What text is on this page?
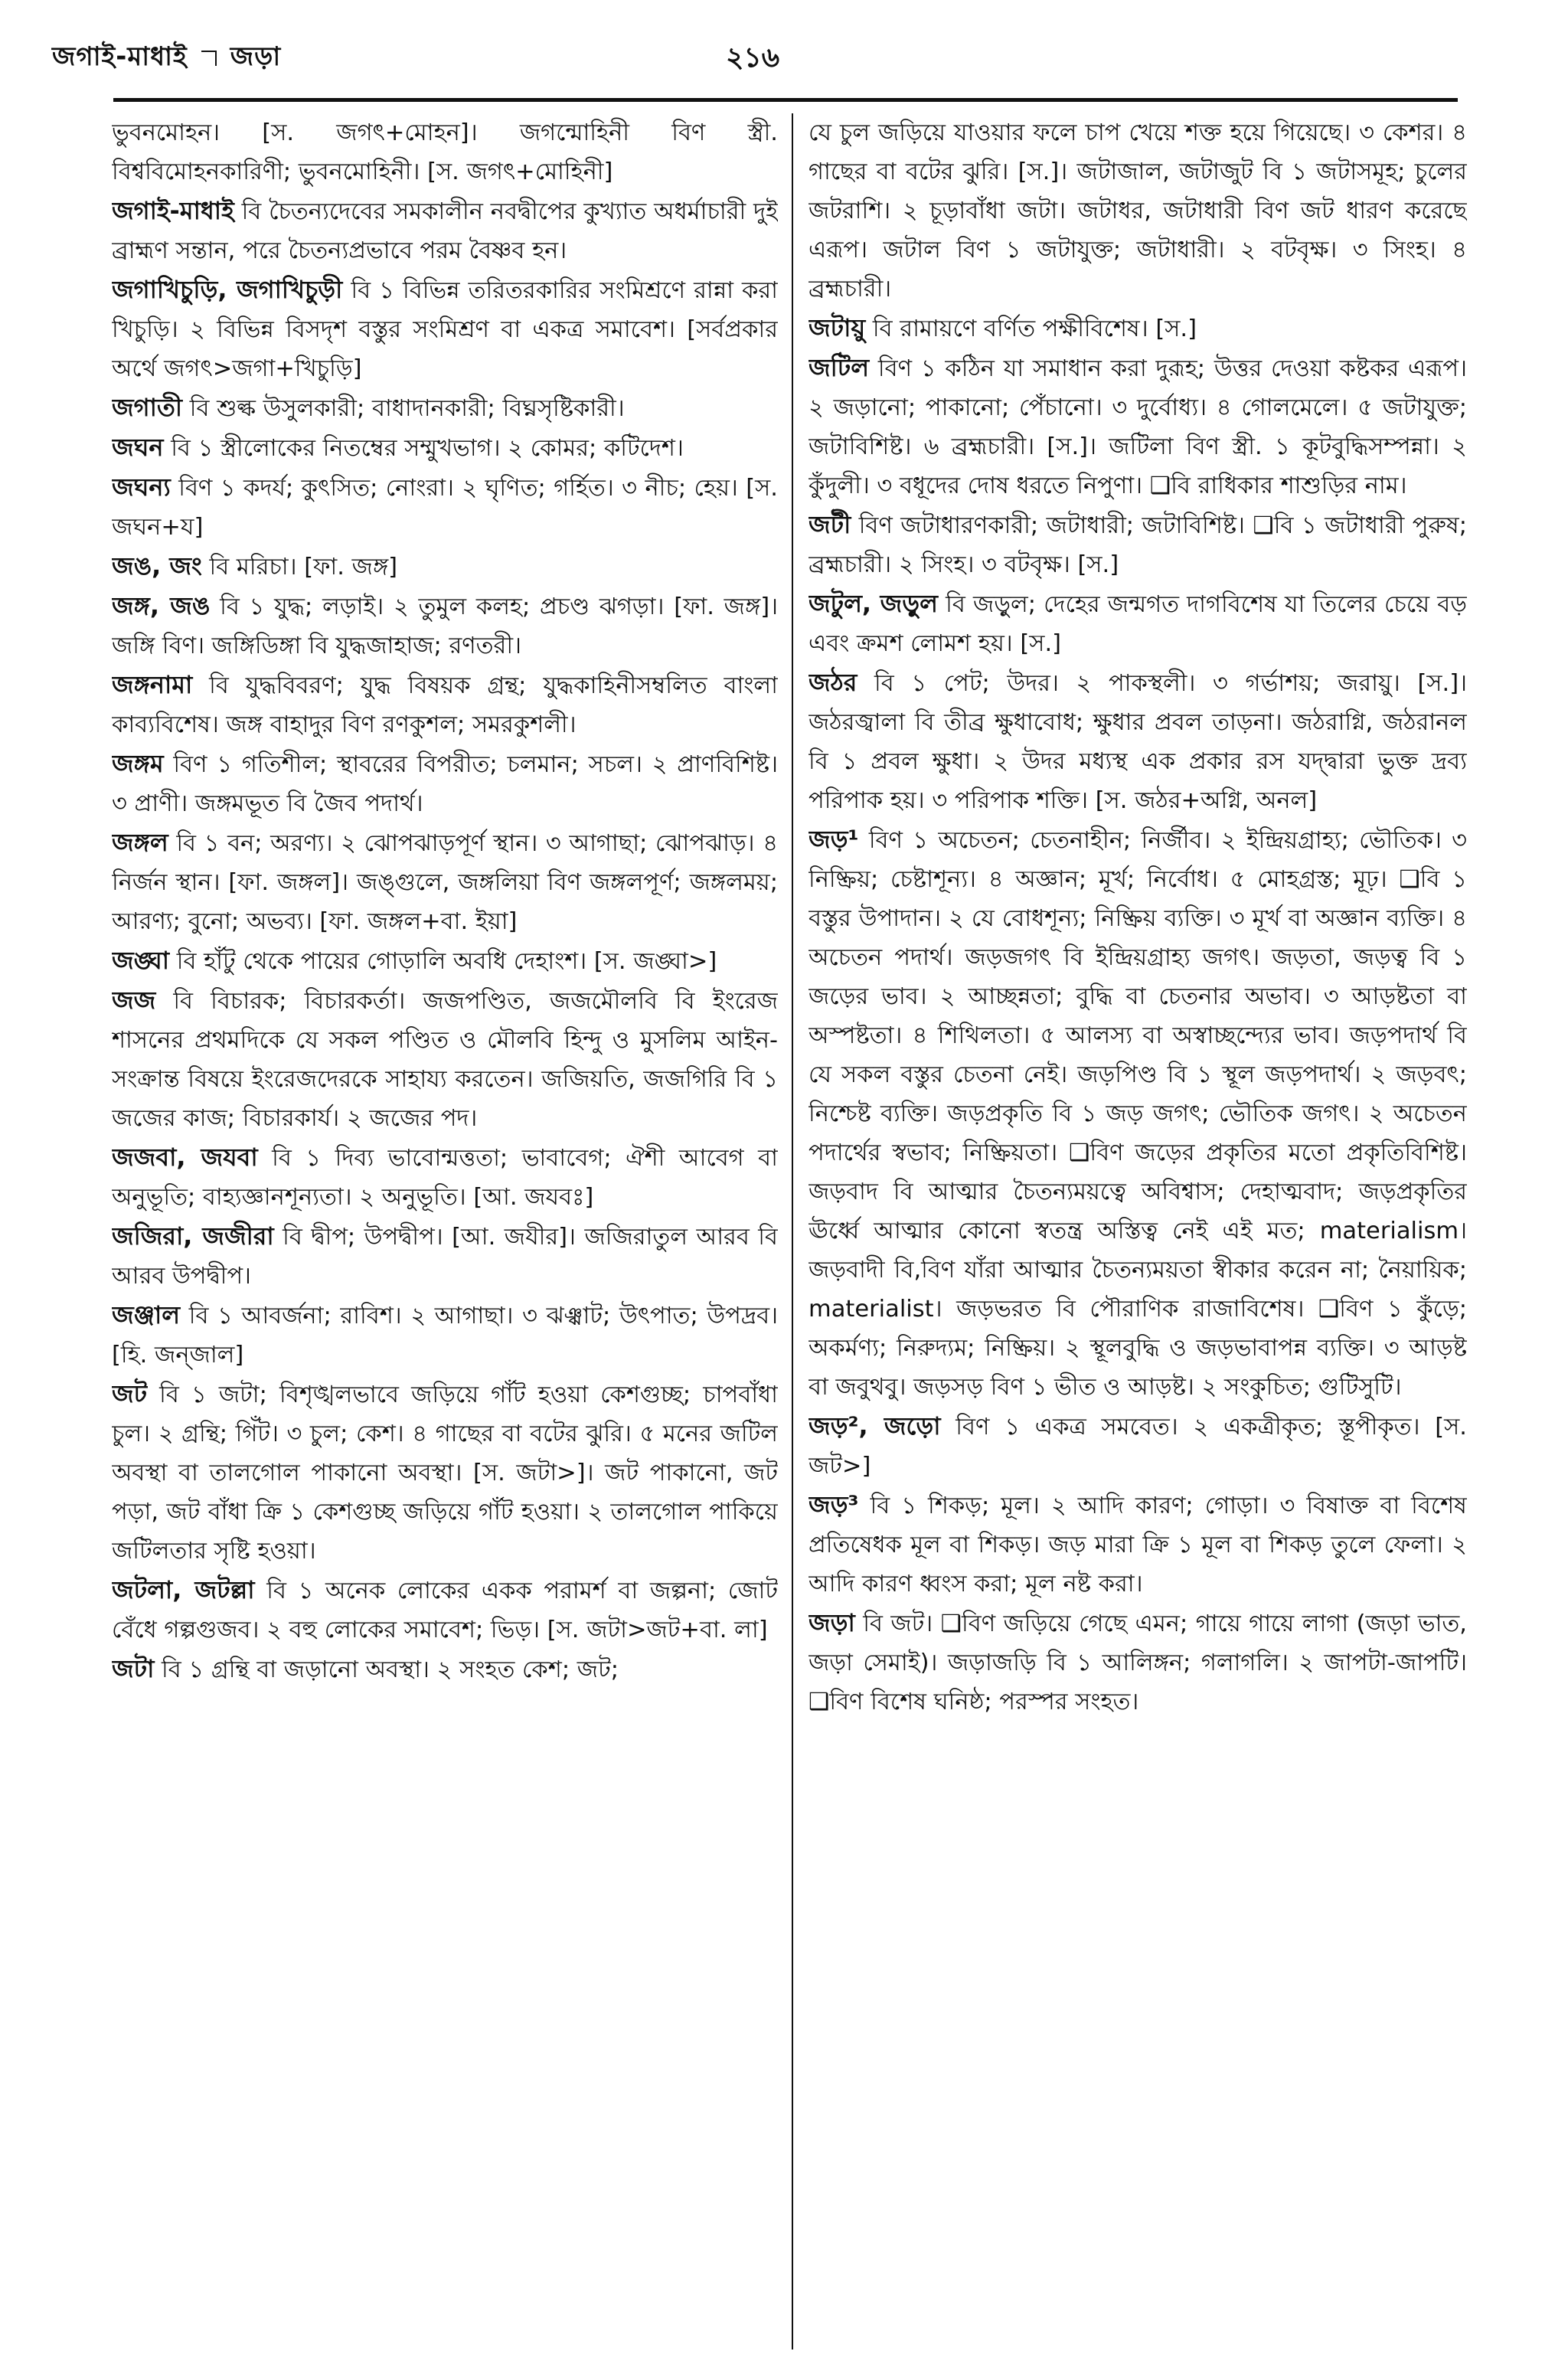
জগাই-মাধাই জড়া	২১৬

ভুবনমোহন। [স. জগৎ+মোহন]। জগন্মোহিনী বিণ স্ত্রী. বিশ্ববিমোহনকারিণী; ভুবনমোহিনী। [স. জগৎ+মোহিনী]

জগাই-মাধাই বি চৈতন্যদেবের সমকালীন নবদ্বীপের কুখ্যাত অধর্মাচারী দুই ব্রাহ্মণ সন্তান, পরে চৈতন্যপ্রভাবে পরম বৈষ্ণব হন।

জগাখিচুড়ি, জগাখিচুড়ী বি ১ বিভিন্ন তরিতরকারির সংমিশ্রণে রান্না করা খিচুড়ি। ২ বিভিন্ন বিসদৃশ বস্তুর সংমিশ্রণ বা একত্র সমাবেশ। [সর্বপ্রকার অর্থে জগৎ>জগা+খিচুড়ি]

জগাতী বি শুল্ক উসুলকারী; বাধাদানকারী; বিঘ্নসৃষ্টিকারী।

জঘন বি ১ স্ত্রীলোকের নিতম্বের সম্মুখভাগ। ২ কোমর; কটিদেশ।

জঘন্য বিণ ১ কদর্য; কুৎসিত; নোংরা। ২ ঘৃণিত; গর্হিত। ৩ নীচ; হেয়। [স. জঘন+য]

জঙ, জং বি মরিচা। [ফা. জঙ্গ]

জঙ্গ, জঙ বি ১ যুদ্ধ; লড়াই। ২ তুমুল কলহ; প্রচণ্ড ঝগড়া। [ফা. জঙ্গ]। জঙ্গি বিণ। জঙ্গিডিঙ্গা বি যুদ্ধজাহাজ; রণতরী।

জঙ্গনামা বি যুদ্ধবিবরণ; যুদ্ধ বিষয়ক গ্রন্থ; যুদ্ধকাহিনীসম্বলিত বাংলা কাব্যবিশেষ। জঙ্গ বাহাদুর বিণ রণকুশল; সমরকুশলী।

জঙ্গম বিণ ১ গতিশীল; স্থাবরের বিপরীত; চলমান; সচল। ২ প্রাণবিশিষ্ট। ৩ প্রাণী। জঙ্গমভূত বি জৈব পদার্থ।

জঙ্গল বি ১ বন; অরণ্য। ২ ঝোপঝাড়পূর্ণ স্থান। ৩ আগাছা; ঝোপঝাড়। ৪ নির্জন স্থান। [ফা. জঙ্গল]। জঙ্গুলে, জঙ্গলিয়া বিণ জঙ্গলপূর্ণ; জঙ্গলময়; আরণ্য; বুনো; অভব্য। [ফা. জঙ্গল+বা. ইয়া]

জঙ্ঘা বি হাঁটু থেকে পায়ের গোড়ালি অবধি দেহাংশ। [স. জঙ্ঘা>]

জজ বি বিচারক; বিচারকর্তা। জজপণ্ডিত, জজমৌলবি বি ইংরেজ শাসনের প্রথমদিকে যে সকল পণ্ডিত ও মৌলবি হিন্দু ও মুসলিম আইন-সংক্রান্ত বিষয়ে ইংরেজদেরকে সাহায্য করতেন। জজিয়তি, জজগিরি বি ১ জজের কাজ; বিচারকার্য। ২ জজের পদ।

জজবা, জযবা বি ১ দিব্য ভাবোন্মত্ততা; ভাবাবেগ; ঐশী আবেগ বা অনুভূতি; বাহ্যজ্ঞানশূন্যতা। ২ অনুভূতি। [আ. জযবঃ]

জজিরা, জজীরা বি দ্বীপ; উপদ্বীপ। [আ. জযীর]। জজিরাতুল আরব বি আরব উপদ্বীপ।

জঞ্জাল বি ১ আবর্জনা; রাবিশ। ২ আগাছা। ৩ ঝঞ্ঝাট; উৎপাত; উপদ্রব। [হি. জন্‌জাল]

জট বি ১ জটা; বিশৃঙ্খলভাবে জড়িয়ে গাঁট হওয়া কেশগুচ্ছ; চাপবাঁধা চুল। ২ গ্রন্থি; গিঁট। ৩ চুল; কেশ। ৪ গাছের বা বটের ঝুরি। ৫ মনের জটিল অবস্থা বা তালগোল পাকানো অবস্থা। [স. জটা>]। জট পাকানো, জট পড়া, জট বাঁধা ক্রি ১ কেশগুচ্ছ জড়িয়ে গাঁট হওয়া। ২ তালগোল পাকিয়ে জটিলতার সৃষ্টি হওয়া।

জটলা, জটল্লা বি ১ অনেক লোকের একক পরামর্শ বা জল্পনা; জোট বেঁধে গল্পগুজব। ২ বহু লোকের সমাবেশ; ভিড়। [স. জটা>জট+বা. লা]

জটা বি ১ গ্রন্থি বা জড়ানো অবস্থা। ২ সংহত কেশ; জট;

যে চুল জড়িয়ে যাওয়ার ফলে চাপ খেয়ে শক্ত হয়ে গিয়েছে। ৩ কেশর। ৪ গাছের বা বটের ঝুরি। [স.]। জটাজাল, জটাজুট বি ১ জটাসমূহ; চুলের জটরাশি। ২ চূড়াবাঁধা জটা। জটাধর, জটাধারী বিণ জট ধারণ করেছে এরূপ। জটাল বিণ ১ জটাযুক্ত; জটাধারী। ২ বটবৃক্ষ। ৩ সিংহ। ৪ ব্রহ্মচারী।

জটায়ু বি রামায়ণে বর্ণিত পক্ষীবিশেষ। [স.]

জটিল বিণ ১ কঠিন যা সমাধান করা দুরূহ; উত্তর দেওয়া কষ্টকর এরূপ। ২ জড়ানো; পাকানো; পেঁচানো। ৩ দুর্বোধ্য। ৪ গোলমেলে। ৫ জটাযুক্ত; জটাবিশিষ্ট। ৬ ব্রহ্মচারী। [স.]। জটিলা বিণ স্ত্রী. ১ কূটবুদ্ধিসম্পন্না। ২ কুঁদুলী। ৩ বধূদের দোষ ধরতে নিপুণা। ❑বি রাধিকার শাশুড়ির নাম।

জটী বিণ জটাধারণকারী; জটাধারী; জটাবিশিষ্ট। ❑বি ১ জটাধারী পুরুষ; ব্রহ্মচারী। ২ সিংহ। ৩ বটবৃক্ষ। [স.]

জটুল, জড়ুল বি জড়ুল; দেহের জন্মগত দাগবিশেষ যা তিলের চেয়ে বড় এবং ক্রমশ লোমশ হয়। [স.]

জঠর বি ১ পেট; উদর। ২ পাকস্থলী। ৩ গর্ভাশয়; জরায়ু। [স.]। জঠরজ্বালা বি তীব্র ক্ষুধাবোধ; ক্ষুধার প্রবল তাড়না। জঠরাগ্নি, জঠরানল বি ১ প্রবল ক্ষুধা। ২ উদর মধ্যস্থ এক প্রকার রস যদ্দ্বারা ভুক্ত দ্রব্য পরিপাক হয়। ৩ পরিপাক শক্তি। [স. জঠর+অগ্নি, অনল]

জড়¹ বিণ ১ অচেতন; চেতনাহীন; নির্জীব। ২ ইন্দ্রিয়গ্রাহ্য; ভৌতিক। ৩ নিষ্ক্রিয়; চেষ্টাশূন্য। ৪ অজ্ঞান; মূর্খ; নির্বোধ। ৫ মোহগ্রস্ত; মূঢ়। ❑বি ১ বস্তুর উপাদান। ২ যে বোধশূন্য; নিষ্ক্রিয় ব্যক্তি। ৩ মূর্খ বা অজ্ঞান ব্যক্তি। ৪ অচেতন পদার্থ। জড়জগৎ বি ইন্দ্রিয়গ্রাহ্য জগৎ। জড়তা, জড়ত্ব বি ১ জড়ের ভাব। ২ আচ্ছন্নতা; বুদ্ধি বা চেতনার অভাব। ৩ আড়ষ্টতা বা অস্পষ্টতা। ৪ শিথিলতা। ৫ আলস্য বা অস্বাচ্ছন্দ্যের ভাব। জড়পদার্থ বি যে সকল বস্তুর চেতনা নেই। জড়পিণ্ড বি ১ স্থূল জড়পদার্থ। ২ জড়বৎ; নিশ্চেষ্ট ব্যক্তি। জড়প্রকৃতি বি ১ জড় জগৎ; ভৌতিক জগৎ। ২ অচেতন পদার্থের স্বভাব; নিষ্ক্রিয়তা। ❑বিণ জড়ের প্রকৃতির মতো প্রকৃতিবিশিষ্ট। জড়বাদ বি আত্মার চৈতন্যময়ত্বে অবিশ্বাস; দেহাত্মবাদ; জড়প্রকৃতির ঊর্ধ্বে আত্মার কোনো স্বতন্ত্র অস্তিত্ব নেই এই মত; materialism। জড়বাদী বি,বিণ যাঁরা আত্মার চৈতন্যময়তা স্বীকার করেন না; নৈয়ায়িক; materialist। জড়ভরত বি পৌরাণিক রাজাবিশেষ। ❑বিণ ১ কুঁড়ে; অকর্মণ্য; নিরুদ্যম; নিষ্ক্রিয়। ২ স্থূলবুদ্ধি ও জড়ভাবাপন্ন ব্যক্তি। ৩ আড়ষ্ট বা জবুথবু। জড়সড় বিণ ১ ভীত ও আড়ষ্ট। ২ সংকুচিত; গুটিসুটি।

জড়², জড়ো বিণ ১ একত্র সমবেত। ২ একত্রীকৃত; স্তূপীকৃত। [স. জট>]

জড়³ বি ১ শিকড়; মূল। ২ আদি কারণ; গোড়া। ৩ বিষাক্ত বা বিশেষ প্রতিষেধক মূল বা শিকড়। জড় মারা ক্রি ১ মূল বা শিকড় তুলে ফেলা। ২ আদি কারণ ধ্বংস করা; মূল নষ্ট করা।

জড়া বি জট। ❑বিণ জড়িয়ে গেছে এমন; গায়ে গায়ে লাগা (জড়া ভাত, জড়া সেমাই)। জড়াজড়ি বি ১ আলিঙ্গন; গলাগলি। ২ জাপটা-জাপটি। ❑বিণ বিশেষ ঘনিষ্ঠ; পরস্পর সংহত।
